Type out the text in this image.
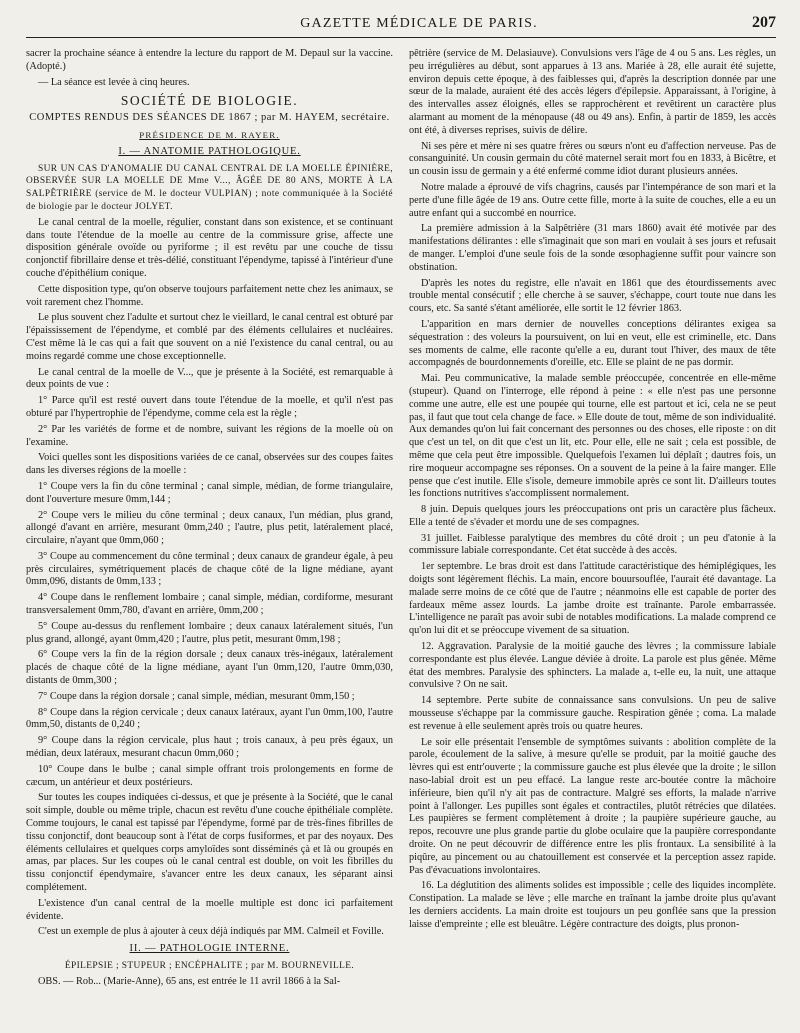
GAZETTE MÉDICALE DE PARIS.	207

sacrer la prochaine séance à entendre la lecture du rapport de M. Depaul sur la vaccine. (Adopté.)

— La séance est levée à cinq heures.

SOCIÉTÉ DE BIOLOGIE.
COMPTES RENDUS DES SÉANCES DE 1867 ; par M. HAYEM, secrétaire.
PRÉSIDENCE DE M. RAYER.
I. — ANATOMIE PATHOLOGIQUE.

SUR UN CAS D'ANOMALIE DU CANAL CENTRAL DE LA MOELLE ÉPINIÈRE, OBSERVÉE SUR LA MOELLE DE Mme V..., ÂGÉE DE 80 ANS, MORTE À LA SALPÊTRIÈRE (service de M. le docteur VULPIAN) ; note communiquée à la Société de biologie par le docteur JOLYET.

Le canal central de la moelle, régulier, constant dans son existence, et se continuant dans toute l'étendue de la moelle au centre de la commissure grise, affecte une disposition générale ovoïde ou pyriforme ; il est revêtu par une couche de tissu conjonctif fibrillaire dense et très-délié, constituant l'épendyme, tapissé à l'intérieur d'une couche d'épithélium conique.

Cette disposition type, qu'on observe toujours parfaitement nette chez les animaux, se voit rarement chez l'homme.

Le plus souvent chez l'adulte et surtout chez le vieillard, le canal central est obturé par l'épaississement de l'épendyme, et comblé par des éléments cellulaires et nucléaires. C'est même là le cas qui a fait que souvent on a nié l'existence du canal central, ou au moins regardé comme une chose exceptionnelle.

Le canal central de la moelle de V..., que je présente à la Société, est remarquable à deux points de vue :

1° Parce qu'il est resté ouvert dans toute l'étendue de la moelle, et qu'il n'est pas obturé par l'hypertrophie de l'épendyme, comme cela est la règle ;

2° Par les variétés de forme et de nombre, suivant les régions de la moelle où on l'examine.

Voici quelles sont les dispositions variées de ce canal, observées sur des coupes faites dans les diverses régions de la moelle :

1° Coupe vers la fin du cône terminal ; canal simple, médian, de forme triangulaire, dont l'ouverture mesure 0mm,144 ;

2° Coupe vers le milieu du cône terminal ; deux canaux, l'un médian, plus grand, allongé d'avant en arrière, mesurant 0mm,240 ; l'autre, plus petit, latéralement placé, circulaire, n'ayant que 0mm,060 ;

3° Coupe au commencement du cône terminal ; deux canaux de grandeur égale, à peu près circulaires, symétriquement placés de chaque côté de la ligne médiane, ayant 0mm,096, distants de 0mm,133 ;

4° Coupe dans le renflement lombaire ; canal simple, médian, cordiforme, mesurant transversalement 0mm,780, d'avant en arrière, 0mm,200 ;

5° Coupe au-dessus du renflement lombaire ; deux canaux latéralement situés, l'un plus grand, allongé, ayant 0mm,420 ; l'autre, plus petit, mesurant 0mm,198 ;

6° Coupe vers la fin de la région dorsale ; deux canaux très-inégaux, latéralement placés de chaque côté de la ligne médiane, ayant l'un 0mm,120, l'autre 0mm,030, distants de 0mm,300 ;

7° Coupe dans la région dorsale ; canal simple, médian, mesurant 0mm,150 ;

8° Coupe dans la région cervicale ; deux canaux latéraux, ayant l'un 0mm,100, l'autre 0mm,50, distants de 0,240 ;

9° Coupe dans la région cervicale, plus haut ; trois canaux, à peu près égaux, un médian, deux latéraux, mesurant chacun 0mm,060 ;

10° Coupe dans le bulbe ; canal simple offrant trois prolongements en forme de cæcum, un antérieur et deux postérieurs.

Sur toutes les coupes indiquées ci-dessus, et que je présente à la Société, que le canal soit simple, double ou même triple, chacun est revêtu d'une couche épithéliale complète. Comme toujours, le canal est tapissé par l'épendyme, formé par de très-fines fibrilles de tissu conjonctif, dont beaucoup sont à l'état de corps fusiformes, et par des noyaux. Des éléments cellulaires et quelques corps amyloïdes sont disséminés çà et là ou groupés en amas, par places. Sur les coupes où le canal central est double, on voit les fibrilles du tissu conjonctif épendymaire, s'avancer entre les deux canaux, les séparant ainsi complétement.

L'existence d'un canal central de la moelle multiple est donc ici parfaitement évidente.

C'est un exemple de plus à ajouter à ceux déjà indiqués par MM. Calmeil et Foville.

II. — PATHOLOGIE INTERNE.

ÉPILEPSIE ; STUPEUR ; ENCÉPHALITE ; par M. BOURNEVILLE.

OBS. — Rob... (Marie-Anne), 65 ans, est entrée le 11 avril 1866 à la Sal-

pêtrière (service de M. Delasiauve). Convulsions vers l'âge de 4 ou 5 ans. Les règles, un peu irrégulières au début, sont apparues à 13 ans. Mariée à 28, elle aurait été sujette, environ depuis cette époque, à des faiblesses qui, d'après la description donnée par une sœur de la malade, auraient été des accès légers d'épilepsie. Apparaissant, à l'origine, à des intervalles assez éloignés, elles se rapprochèrent et revêtirent un caractère plus alarmant au moment de la ménopause (48 ou 49 ans). Enfin, à partir de 1859, les accès ont été, à diverses reprises, suivis de délire.

Ni ses père et mère ni ses quatre frères ou sœurs n'ont eu d'affection nerveuse. Pas de consanguinité. Un cousin germain du côté maternel serait mort fou en 1833, à Bicêtre, et un cousin issu de germain y a été enfermé comme idiot durant plusieurs années.

Notre malade a éprouvé de vifs chagrins, causés par l'intempérance de son mari et la perte d'une fille âgée de 19 ans. Outre cette fille, morte à la suite de couches, elle a eu un autre enfant qui a succombé en nourrice.

La première admission à la Salpêtrière (31 mars 1860) avait été motivée par des manifestations délirantes : elle s'imaginait que son mari en voulait à ses jours et refusait de manger. L'emploi d'une seule fois de la sonde œsophagienne suffit pour vaincre son obstination.

D'après les notes du registre, elle n'avait en 1861 que des étourdissements avec trouble mental consécutif ; elle cherche à se sauver, s'échappe, court toute nue dans les cours, etc. Sa santé s'étant améliorée, elle sortit le 12 février 1863.

L'apparition en mars dernier de nouvelles conceptions délirantes exigea sa séquestration : des voleurs la poursuivent, on lui en veut, elle est criminelle, etc. Dans ses moments de calme, elle raconte qu'elle a eu, durant tout l'hiver, des maux de tête accompagnés de bourdonnements d'oreille, etc. Elle se plaint de ne pas dormir.

Mai. Peu communicative, la malade semble préoccupée, concentrée en elle-même (stupeur). Quand on l'interroge, elle répond à peine : « elle n'est pas une personne comme une autre, elle est une poupée qui tourne, elle est partout et ici, cela ne se peut pas, il faut que tout cela change de face. » Elle doute de tout, même de son individualité. Aux demandes qu'on lui fait concernant des personnes ou des choses, elle riposte : on dit que c'est un tel, on dit que c'est un lit, etc. Pour elle, elle ne sait ; cela est possible, de même que cela peut être impossible. Quelquefois l'examen lui déplaît ; dautres fois, un rire moqueur accompagne ses réponses. On a souvent de la peine à la faire manger. Elle pense que c'est inutile. Elle s'isole, demeure immobile après ce sont lit. D'ailleurs toutes les fonctions nutritives s'accomplissent normalement.

8 juin. Depuis quelques jours les préoccupations ont pris un caractère plus fâcheux. Elle a tenté de s'évader et mordu une de ses compagnes.

31 juillet. Faiblesse paralytique des membres du côté droit ; un peu d'atonie à la commissure labiale correspondante. Cet état succède à des accès.

1er septembre. Le bras droit est dans l'attitude caractéristique des hémiplégiques, les doigts sont légèrement fléchis. La main, encore bouursouflée, l'aurait été davantage. La malade serre moins de ce côté que de l'autre ; néanmoins elle est capable de porter des fardeaux même assez lourds. La jambe droite est traînante. Parole embarrassée. L'intelligence ne paraît pas avoir subi de notables modifications. La malade comprend ce qu'on lui dit et se préoccupe vivement de sa situation.

12. Aggravation. Paralysie de la moitié gauche des lèvres ; la commissure labiale correspondante est plus élevée. Langue déviée à droite. La parole est plus gênée. Même état des membres. Paralysie des sphincters. La malade a, t-elle eu, la nuit, une attaque convulsive ? On ne sait.

14 septembre. Perte subite de connaissance sans convulsions. Un peu de salive mousseuse s'échappe par la commissure gauche. Respiration gênée ; coma. La malade est revenue à elle seulement après trois ou quatre heures.

Le soir elle présentait l'ensemble de symptômes suivants : abolition complète de la parole, écoulement de la salive, à mesure qu'elle se produit, par la moitié gauche des lèvres qui est entr'ouverte ; la commissure gauche est plus élevée que la droite ; le sillon naso-labial droit est un peu effacé. La langue reste arc-boutée contre la mâchoire inférieure, bien qu'il n'y ait pas de contracture. Malgré ses efforts, la malade n'arrive point à l'allonger. Les pupilles sont égales et contractiles, plutôt rétrécies que dilatées. Les paupières se ferment complètement à droite ; la paupière supérieure gauche, au repos, recouvre une plus grande partie du globe oculaire que la paupière correspondante droite. On ne peut découvrir de différence entre les plis frontaux. La sensibilité à la piqûre, au pincement ou au chatouillement est conservée et la perception assez rapide. Pas d'évacuations involontaires.

16. La déglutition des aliments solides est impossible ; celle des liquides incomplète. Constipation. La malade se lève ; elle marche en traînant la jambe droite plus qu'avant les derniers accidents. La main droite est toujours un peu gonflée sans que la pression laisse d'empreinte ; elle est bleuâtre. Légère contracture des doigts, plus pronon-
